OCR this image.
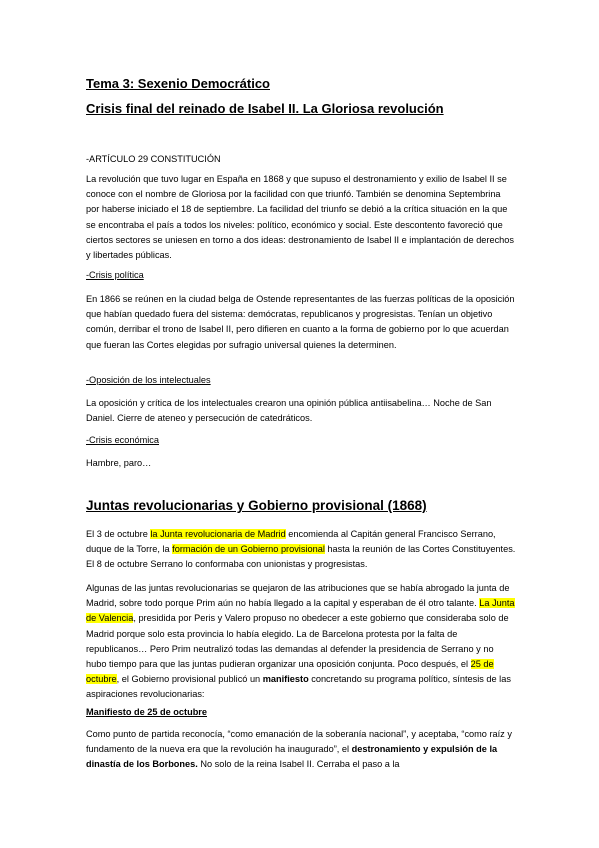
Tema 3: Sexenio Democrático
Crisis final del reinado de Isabel II. La Gloriosa revolución

-ARTÍCULO 29 CONSTITUCIÓN

La revolución que tuvo lugar en España en 1868 y que supuso el destronamiento y exilio de Isabel II se conoce con el nombre de Gloriosa por la facilidad con que triunfó. También se denomina Septembrina por haberse iniciado el 18 de septiembre. La facilidad del triunfo se debió a la crítica situación en la que se encontraba el país a todos los niveles: político, económico y social. Este descontento favoreció que ciertos sectores se uniesen en torno a dos ideas: destronamiento de Isabel II e implantación de derechos y libertades públicas.

-Crisis política

En 1866 se reúnen en la ciudad belga de Ostende representantes de las fuerzas políticas de la oposición que habían quedado fuera del sistema: demócratas, republicanos y progresistas. Tenían un objetivo común, derribar el trono de Isabel II, pero difieren en cuanto a la forma de gobierno por lo que acuerdan que fueran las Cortes elegidas por sufragio universal quienes la determinen.

-Oposición de los intelectuales

La oposición y crítica de los intelectuales crearon una opinión pública antiisabelina… Noche de San Daniel. Cierre de ateneo y persecución de catedráticos.

-Crisis económica

Hambre, paro…

Juntas revolucionarias y Gobierno provisional (1868)

El 3 de octubre la Junta revolucionaria de Madrid encomienda al Capitán general Francisco Serrano, duque de la Torre, la formación de un Gobierno provisional hasta la reunión de las Cortes Constituyentes. El 8 de octubre Serrano lo conformaba con unionistas y progresistas.

Algunas de las juntas revolucionarias se quejaron de las atribuciones que se había abrogado la junta de Madrid, sobre todo porque Prim aún no había llegado a la capital y esperaban de él otro talante. La Junta de Valencia, presidida por Peris y Valero propuso no obedecer a este gobierno que consideraba solo de Madrid porque solo esta provincia lo había elegido. La de Barcelona protesta por la falta de republicanos… Pero Prim neutralizó todas las demandas al defender la presidencia de Serrano y no hubo tiempo para que las juntas pudieran organizar una oposición conjunta. Poco después, el 25 de octubre, el Gobierno provisional publicó un manifiesto concretando su programa político, síntesis de las aspiraciones revolucionarias:

Manifiesto de 25 de octubre

Como punto de partida reconocía, “como emanación de la soberanía nacional”, y aceptaba, “como raíz y fundamento de la nueva era que la revolución ha inaugurado”, el destronamiento y expulsión de la dinastía de los Borbones. No solo de la reina Isabel II. Cerraba el paso a la
